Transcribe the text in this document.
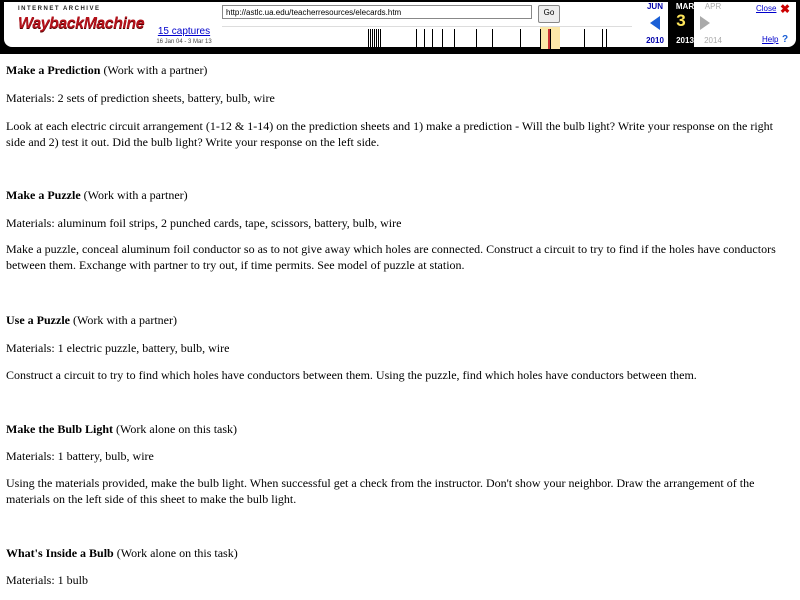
INTERNET ARCHIVE
WaybackMachine	15 captures
16 Jan 04 - 3 Mar 13
http://astlc.ua.edu/teacherresources/elecards.htm
Go
JUN	MAR	APR
3
2010	2013	2014
Close ✖
Help ?

Make a Prediction (Work with a partner)

Materials: 2 sets of prediction sheets, battery, bulb, wire

Look at each electric circuit arrangement (1-12 & 1-14) on the prediction sheets and 1) make a prediction - Will the bulb light? Write your response on the right side and 2) test it out. Did the bulb light? Write your response on the left side.

Make a Puzzle (Work with a partner)

Materials: aluminum foil strips, 2 punched cards, tape, scissors, battery, bulb, wire

Make a puzzle, conceal aluminum foil conductor so as to not give away which holes are connected. Construct a circuit to try to find if the holes have conductors between them. Exchange with partner to try out, if time permits. See model of puzzle at station.

Use a Puzzle (Work with a partner)

Materials: 1 electric puzzle, battery, bulb, wire

Construct a circuit to try to find which holes have conductors between them. Using the puzzle, find which holes have conductors between them.

Make the Bulb Light (Work alone on this task)

Materials: 1 battery, bulb, wire

Using the materials provided, make the bulb light. When successful get a check from the instructor. Don't show your neighbor. Draw the arrangement of the materials on the left side of this sheet to make the bulb light.

What's Inside a Bulb (Work alone on this task)

Materials: 1 bulb
